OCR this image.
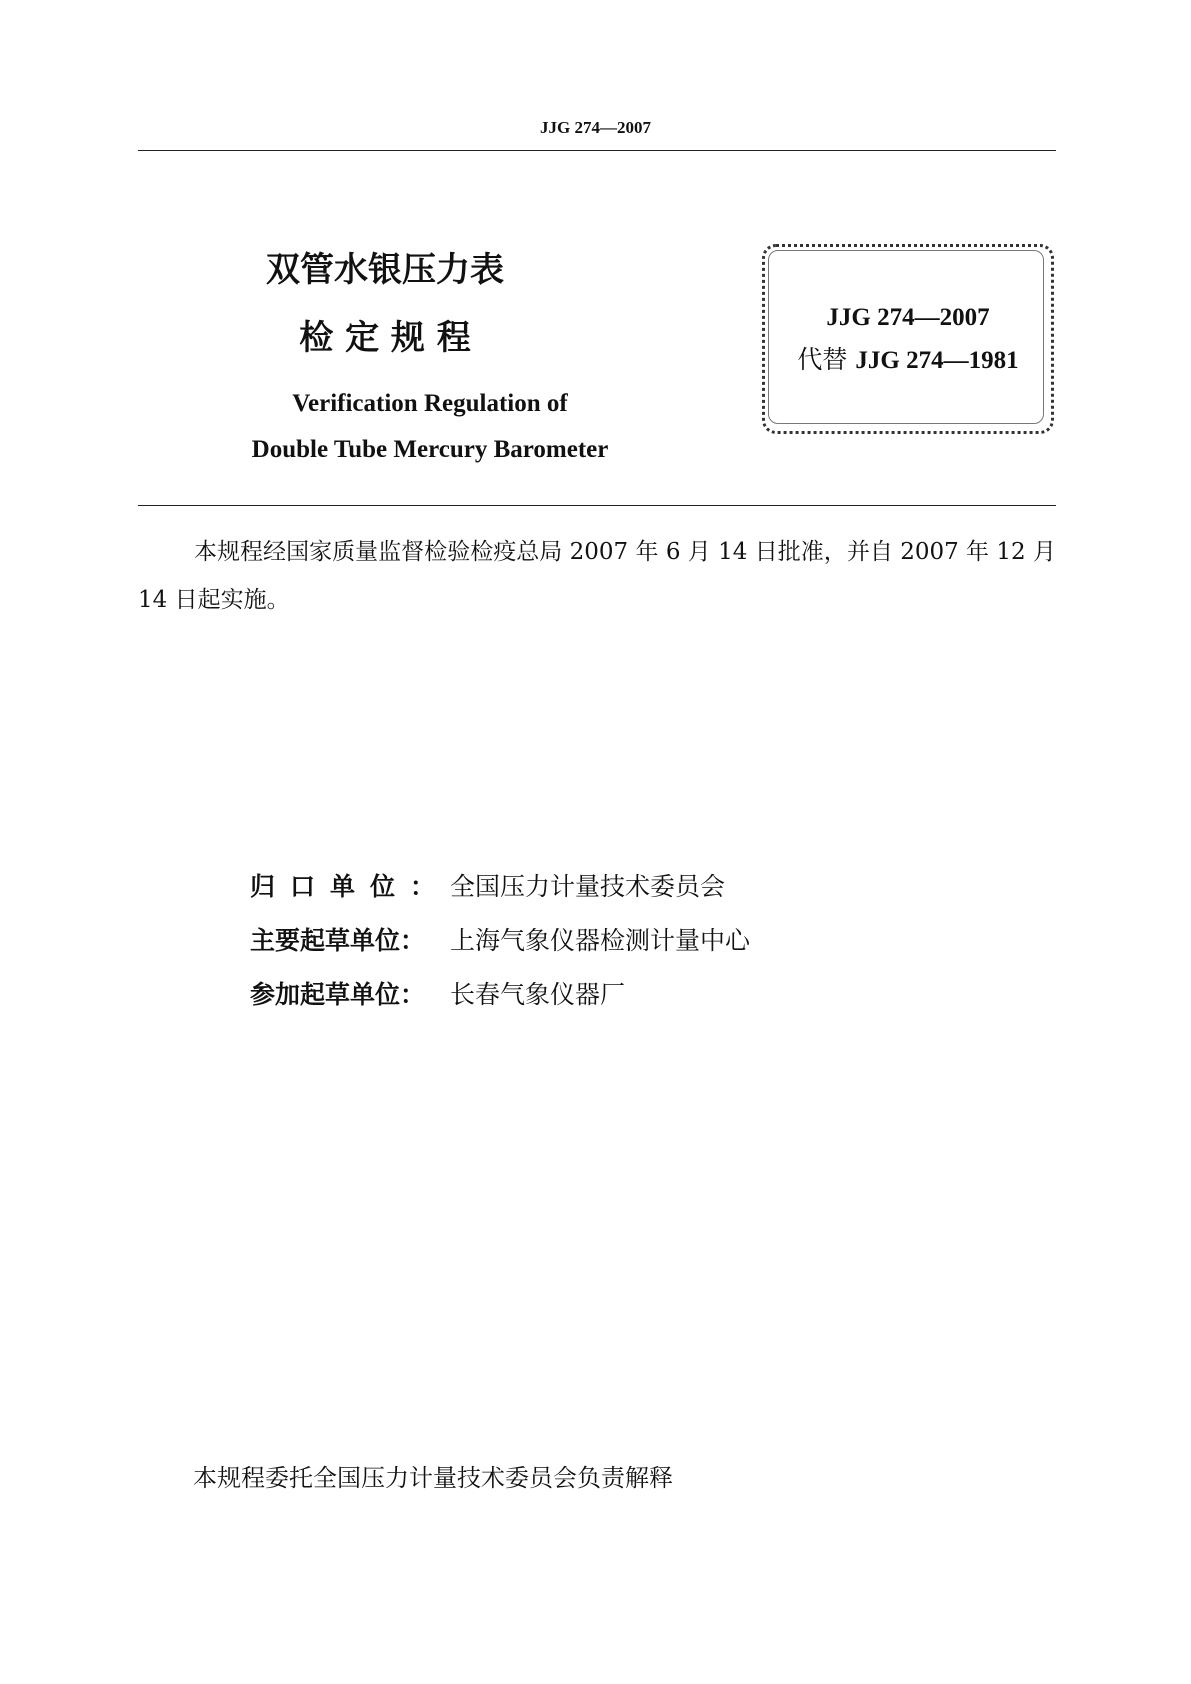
JJG 274—2007
双管水银压力表
检 定 规 程
Verification Regulation of
Double Tube Mercury Barometer
JJG 274—2007
代替 JJG 274—1981

本规程经国家质量监督检验检疫总局 2007 年 6 月 14 日批准，并自 2007 年 12 月 14 日起实施。

归口单位：全国压力计量技术委员会
主要起草单位： 上海气象仪器检测计量中心
参加起草单位： 长春气象仪器厂
本规程委托全国压力计量技术委员会负责解释
